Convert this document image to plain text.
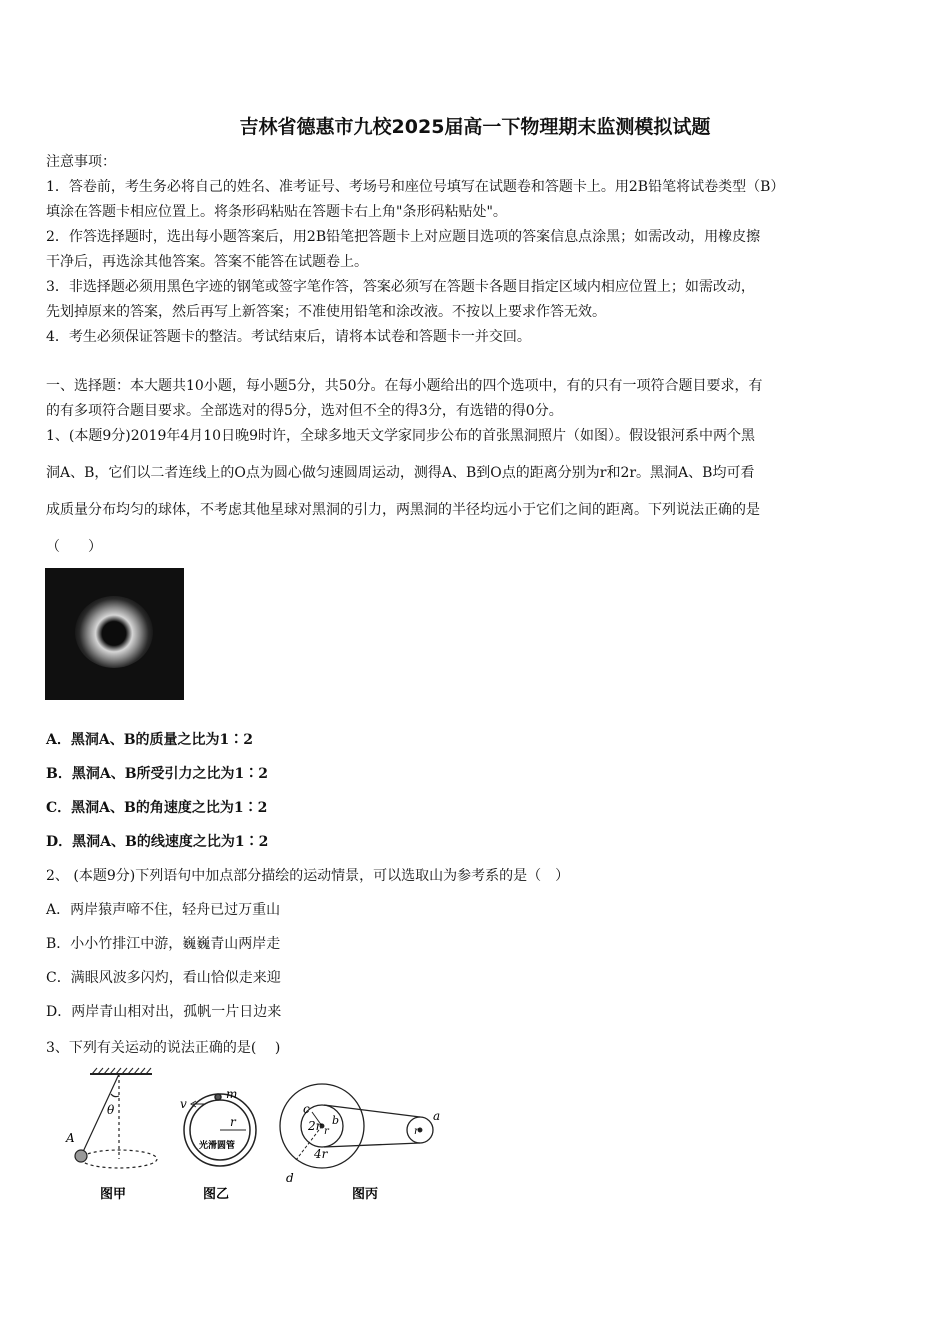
吉林省德惠市九校2025届高一下物理期末监测模拟试题
注意事项：
1．答卷前，考生务必将自己的姓名、准考证号、考场号和座位号填写在试题卷和答题卡上。用2B铅笔将试卷类型（B）
填涂在答题卡相应位置上。将条形码粘贴在答题卡右上角"条形码粘贴处"。
2．作答选择题时，选出每小题答案后，用2B铅笔把答题卡上对应题目选项的答案信息点涂黑；如需改动，用橡皮擦
干净后，再选涂其他答案。答案不能答在试题卷上。
3．非选择题必须用黑色字迹的钢笔或签字笔作答，答案必须写在答题卡各题目指定区域内相应位置上；如需改动，
先划掉原来的答案，然后再写上新答案；不准使用铅笔和涂改液。不按以上要求作答无效。
4．考生必须保证答题卡的整洁。考试结束后，请将本试卷和答题卡一并交回。
一、选择题：本大题共10小题，每小题5分，共50分。在每小题给出的四个选项中，有的只有一项符合题目要求，有
的有多项符合题目要求。全部选对的得5分，选对但不全的得3分，有选错的得0分。
1、(本题9分)2019年4月10日晚9时许，全球多地天文学家同步公布的首张黑洞照片（如图）。假设银河系中两个黑
洞A、B，它们以二者连线上的O点为圆心做匀速圆周运动，测得A、B到O点的距离分别为r和2r。黑洞A、B均可看
成质量分布均匀的球体，不考虑其他星球对黑洞的引力，两黑洞的半径均远小于它们之间的距离。下列说法正确的是
（　　）
A．黑洞A、B的质量之比为1∶2
B．黑洞A、B所受引力之比为1∶2
C．黑洞A、B的角速度之比为1∶2
D．黑洞A、B的线速度之比为1∶2
2、 (本题9分)下列语句中加点部分描绘的运动情景，可以选取山为参考系的是（　）
A．两岸猿声啼不住，轻舟已过万重山
B．小小竹排江中游，巍巍青山两岸走
C．满眼风波多闪灼，看山恰似走来迎
D．两岸青山相对出，孤帆一片日边来
3、下列有关运动的说法正确的是(　 )
θ
A
图甲
v
m
r
光滑圆管
图乙
c
2r b
r
4r
d
r
a
图丙
